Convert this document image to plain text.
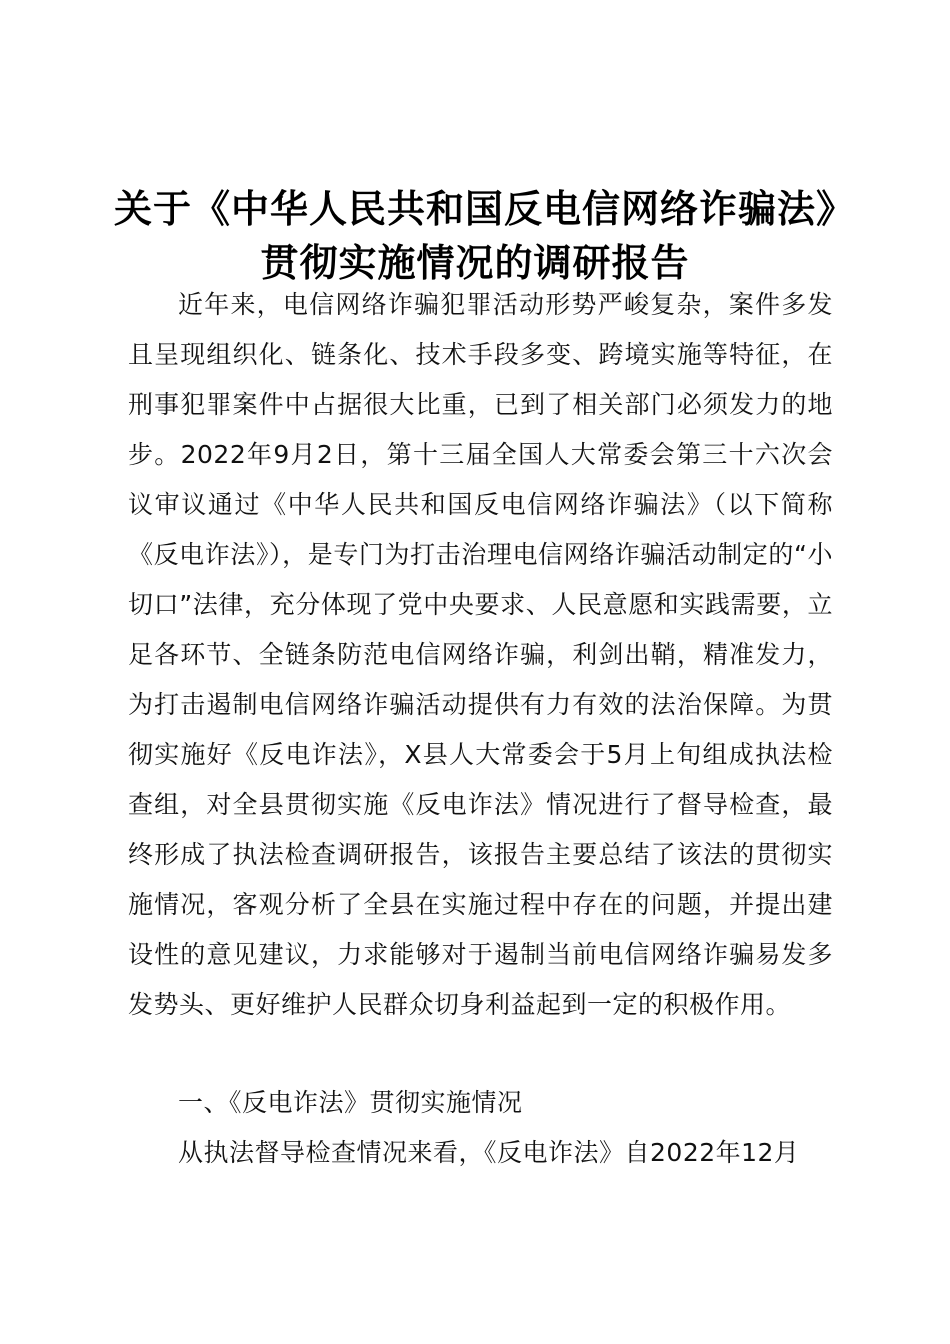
关于《中华人民共和国反电信网络诈骗法》贯彻实施情况的调研报告

近年来，电信网络诈骗犯罪活动形势严峻复杂，案件多发且呈现组织化、链条化、技术手段多变、跨境实施等特征，在刑事犯罪案件中占据很大比重，已到了相关部门必须发力的地步。2022年9月2日，第十三届全国人大常委会第三十六次会议审议通过《中华人民共和国反电信网络诈骗法》（以下简称《反电诈法》），是专门为打击治理电信网络诈骗活动制定的“小切口”法律，充分体现了党中央要求、人民意愿和实践需要，立足各环节、全链条防范电信网络诈骗，利剑出鞘，精准发力，为打击遏制电信网络诈骗活动提供有力有效的法治保障。为贯彻实施好《反电诈法》，X县人大常委会于5月上旬组成执法检查组，对全县贯彻实施《反电诈法》情况进行了督导检查，最终形成了执法检查调研报告，该报告主要总结了该法的贯彻实施情况，客观分析了全县在实施过程中存在的问题，并提出建设性的意见建议，力求能够对于遏制当前电信网络诈骗易发多发势头、更好维护人民群众切身利益起到一定的积极作用。

一、《反电诈法》贯彻实施情况

从执法督导检查情况来看，《反电诈法》自2022年12月
